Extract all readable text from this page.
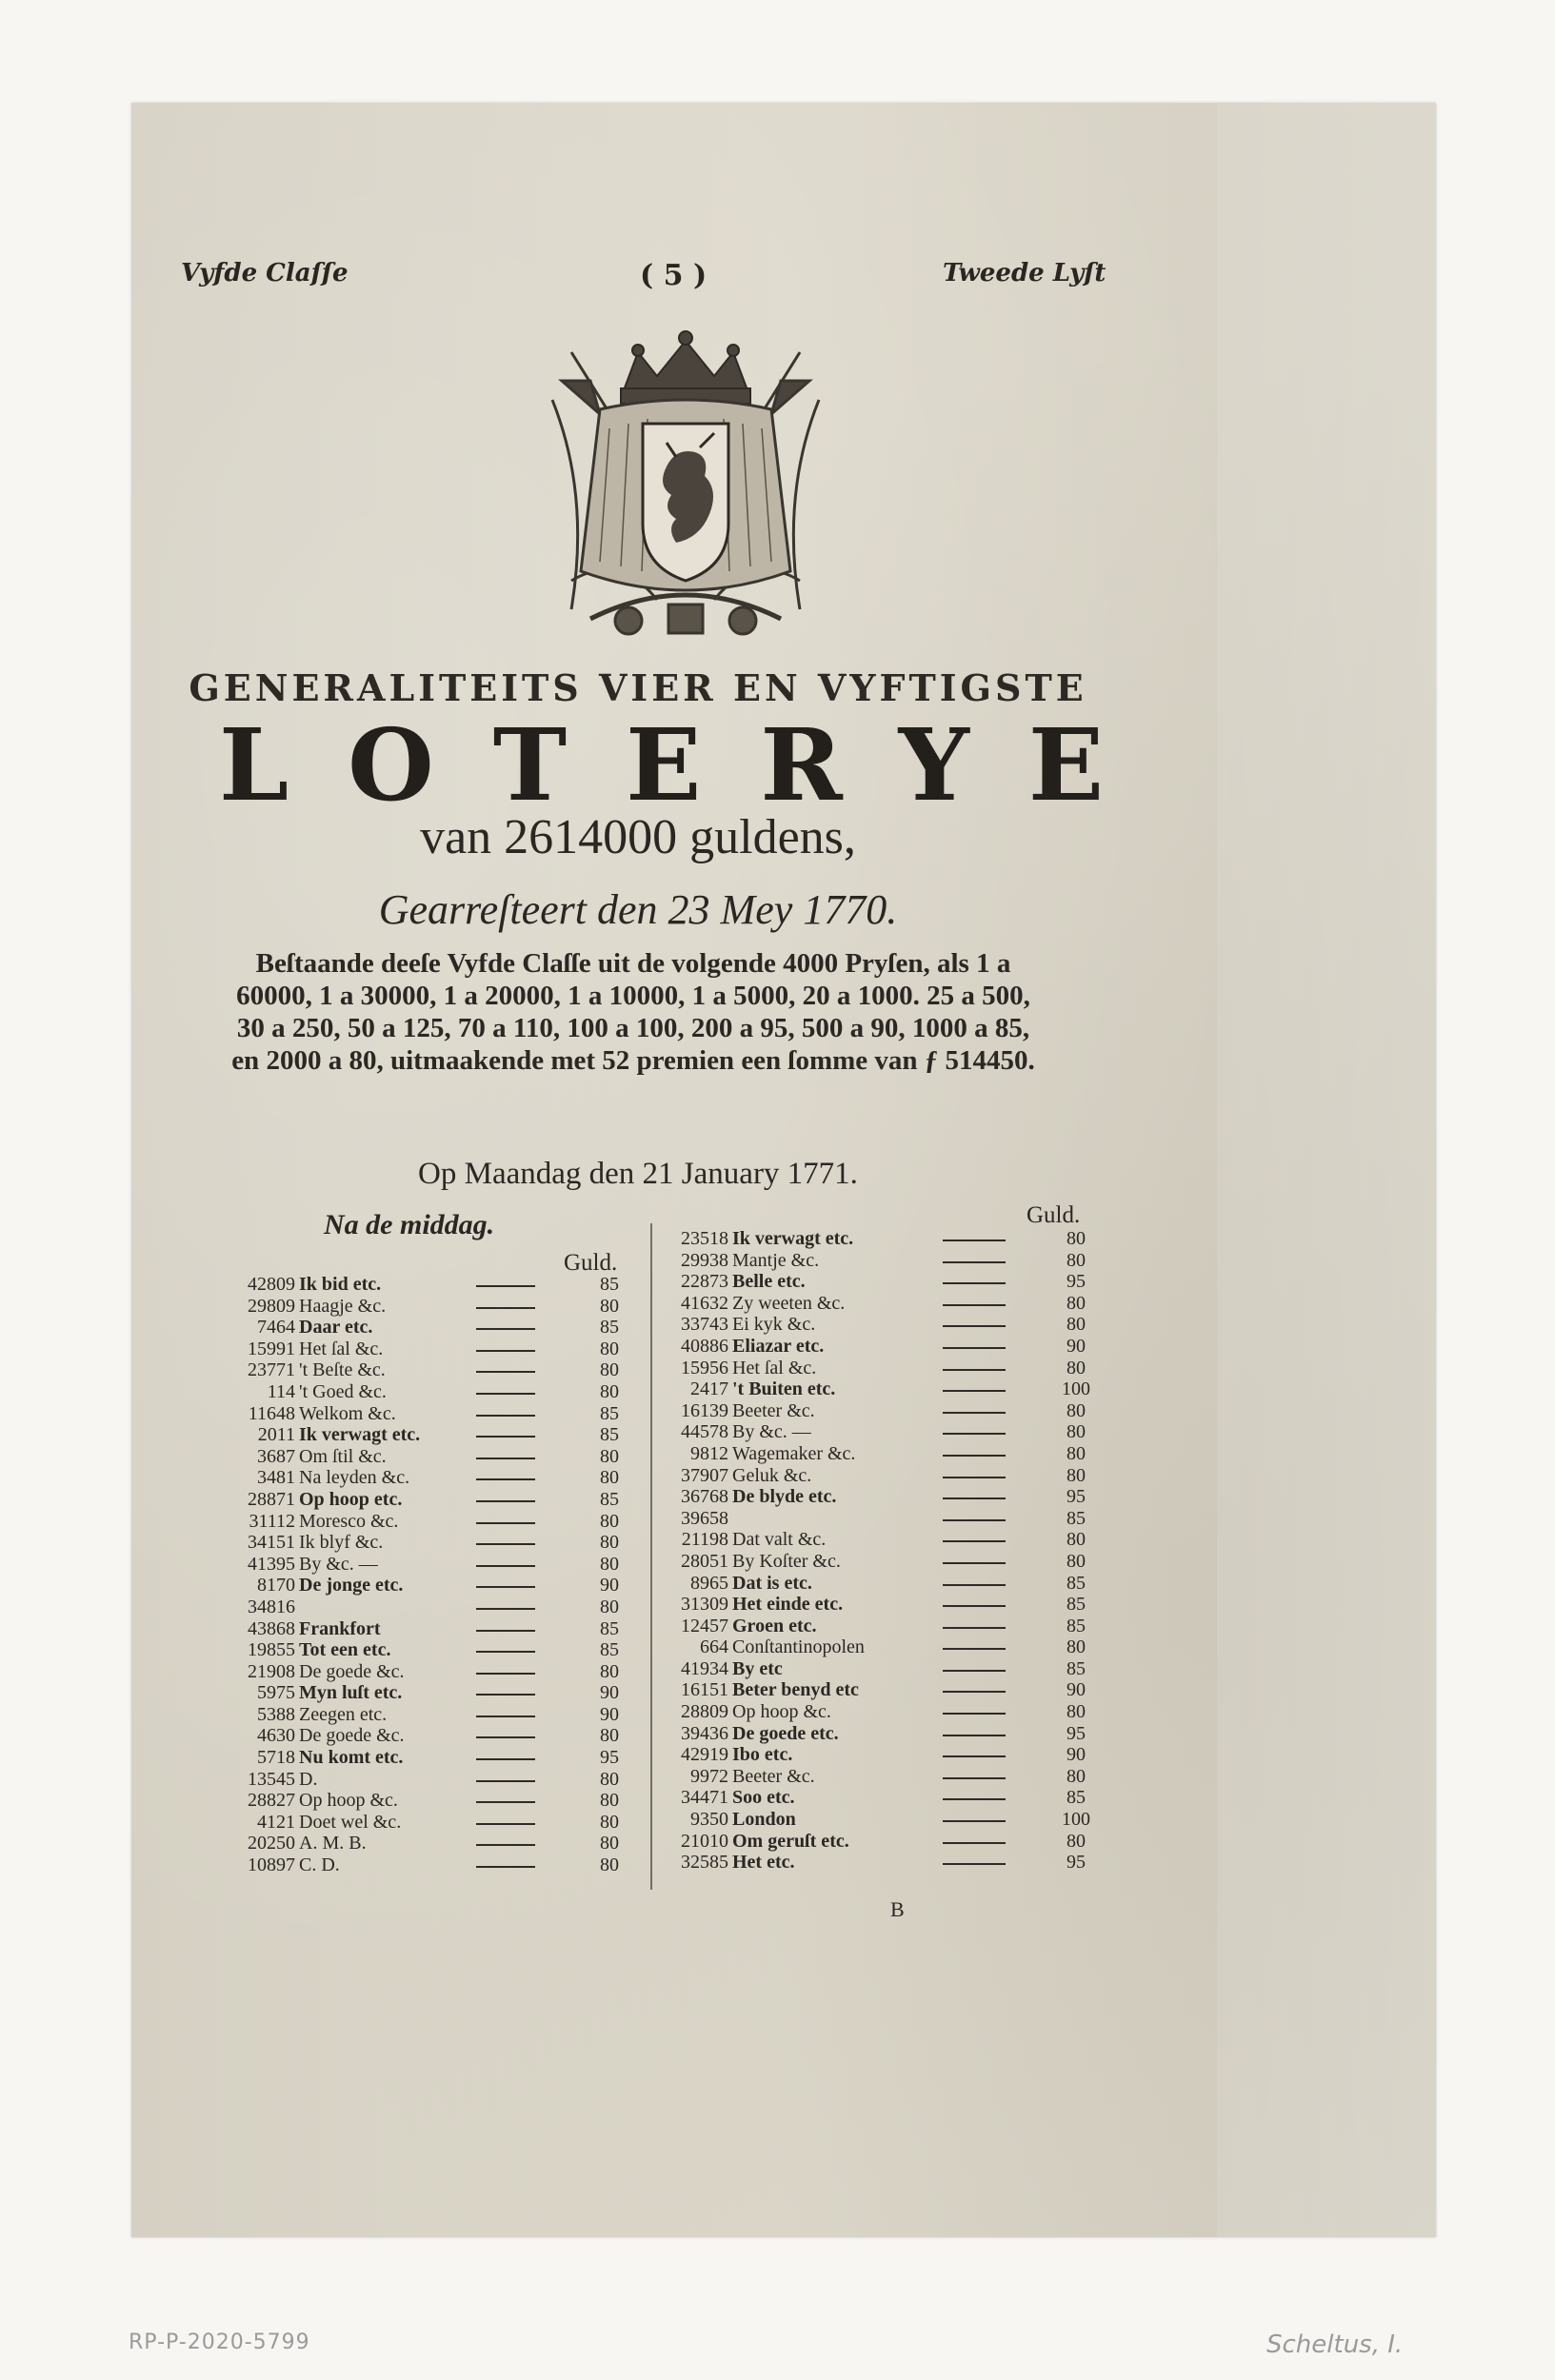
Vyfde Claſſe	( 5 )	Tweede Lyſt
GENERALITEITS VIER EN VYFTIGSTE
LOTERYE
van 2614000 guldens,
Gearreſteert den 23 Mey 1770.
Beſtaande deeſe Vyfde Claſſe uit de volgende 4000 Pryſen, als 1 a 60000, 1 a 30000, 1 a 20000, 1 a 10000, 1 a 5000, 20 a 1000. 25 a 500, 30 a 250, 50 a 125, 70 a 110, 100 a 100, 200 a 95, 500 a 90, 1000 a 85, en 2000 a 80, uitmaakende met 52 premien een ſomme van ƒ 514450.
Op Maandag den 21 January 1771.
Na de middag.
Guld.
Guld.
42809 Ik bid etc.	85
29809 Haagje &c.	80
7464 Daar etc.	85
15991 Het ſal &c.	80
23771 't Beſte &c.	80
114 't Goed &c.	80
11648 Welkom &c.	85
2011 Ik verwagt etc.	85
3687 Om ſtil &c.	80
3481 Na leyden &c.	80
28871 Op hoop etc.	85
31112 Moresco &c.	80
34151 Ik blyf &c.	80
41395 By &c. —	80
8170 De jonge etc.	90
34816	80
43868 Frankfort	85
19855 Tot een etc.	85
21908 De goede &c.	80
5975 Myn luſt etc.	90
5388 Zeegen etc.	90
4630 De goede &c.	80
5718 Nu komt etc.	95
13545 D.	80
28827 Op hoop &c.	80
4121 Doet wel &c.	80
20250 A. M. B.	80
10897 C. D.	80
23518 Ik verwagt etc.	80
29938 Mantje &c.	80
22873 Belle etc.	95
41632 Zy weeten &c.	80
33743 Ei kyk &c.	80
40886 Eliazar etc.	90
15956 Het ſal &c.	80
2417 't Buiten etc.	100
16139 Beeter &c.	80
44578 By &c. —	80
9812 Wagemaker &c.	80
37907 Geluk &c.	80
36768 De blyde etc.	95
39658	85
21198 Dat valt &c.	80
28051 By Koſter &c.	80
8965 Dat is etc.	85
31309 Het einde etc.	85
12457 Groen etc.	85
664 Conſtantinopolen	80
41934 By etc	85
16151 Beter benyd etc	90
28809 Op hoop &c.	80
39436 De goede etc.	95
42919 Ibo etc.	90
9972 Beeter &c.	80
34471 Soo etc.	85
9350 London	100
21010 Om geruſt etc.	80
32585 Het etc.	95
B
RP-P-2020-5799	Scheltus, I.
